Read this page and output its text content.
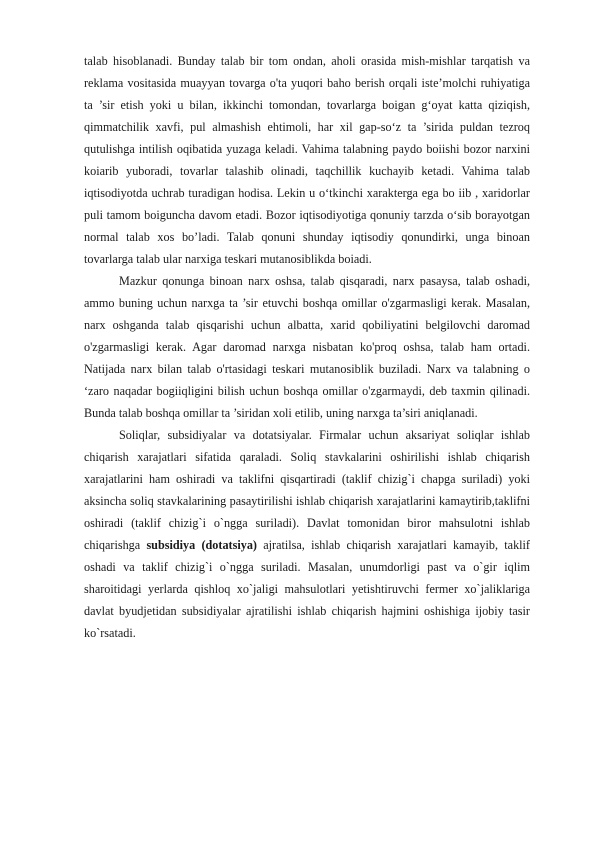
talab hisoblanadi. Bunday talab bir tom ondan, aholi orasida mish-mishlar tarqatish va reklama vositasida muayyan tovarga o'ta yuqori baho berish orqali iste’molchi ruhiyatiga ta ’sir etish yoki u bilan, ikkinchi tomondan, tovarlarga boigan g‘oyat katta qiziqish, qimmatchilik xavfi, pul almashish ehtimoli, har xil gap-so‘z ta ’sirida puldan tezroq qutulishga intilish oqibatida yuzaga keladi. Vahima talabning paydo boiishi bozor narxini koiarib yuboradi, tovarlar talashib olinadi, taqchillik kuchayib ketadi. Vahima talab iqtisodiyotda uchrab turadigan hodisa. Lekin u o‘tkinchi xarakterga ega bo iib , xaridorlar puli tamom boiguncha davom etadi. Bozor iqtisodiyotiga qonuniy tarzda o‘sib borayotgan normal talab xos bo’ladi. Talab qonuni shunday iqtisodiy qonundirki, unga binoan tovarlarga talab ular narxiga teskari mutanosiblikda boiadi.

Mazkur qonunga binoan narx oshsa, talab qisqaradi, narx pasaysa, talab oshadi, ammo buning uchun narxga ta ’sir etuvchi boshqa omillar o'zgarmasligi kerak. Masalan, narx oshganda talab qisqarishi uchun albatta, xarid qobiliyatini belgilovchi daromad o'zgarmasligi kerak. Agar daromad narxga nisbatan ko'proq oshsa, talab ham ortadi. Natijada narx bilan talab o'rtasidagi teskari mutanosiblik buziladi. Narx va talabning o ‘zaro naqadar bogiiqligini bilish uchun boshqa omillar o'zgarmaydi, deb taxmin qilinadi. Bunda talab boshqa omillar ta ’siridan xoli etilib, uning narxga ta’siri aniqlanadi.

Soliqlar, subsidiyalar va dotatsiyalar. Firmalar uchun aksariyat soliqlar ishlab chiqarish xarajatlari sifatida qaraladi. Soliq stavkalarini oshirilishi ishlab chiqarish xarajatlarini ham oshiradi va taklifni qisqartiradi (taklif chizig`i chapga suriladi) yoki aksincha soliq stavkalarining pasaytirilishi ishlab chiqarish xarajatlarini kamaytirib,taklifni oshiradi (taklif chizig`i o`ngga suriladi). Davlat tomonidan biror mahsulotni ishlab chiqarishga subsidiya (dotatsiya) ajratilsa, ishlab chiqarish xarajatlari kamayib, taklif oshadi va taklif chizig`i o`ngga suriladi. Masalan, unumdorligi past va o`gir iqlim sharoitidagi yerlarda qishloq xo`jaligi mahsulotlari yetishtiruvchi fermer xo`jaliklariga davlat byudjetidan subsidiyalar ajratilishi ishlab chiqarish hajmini oshishiga ijobiy tasir ko`rsatadi.
